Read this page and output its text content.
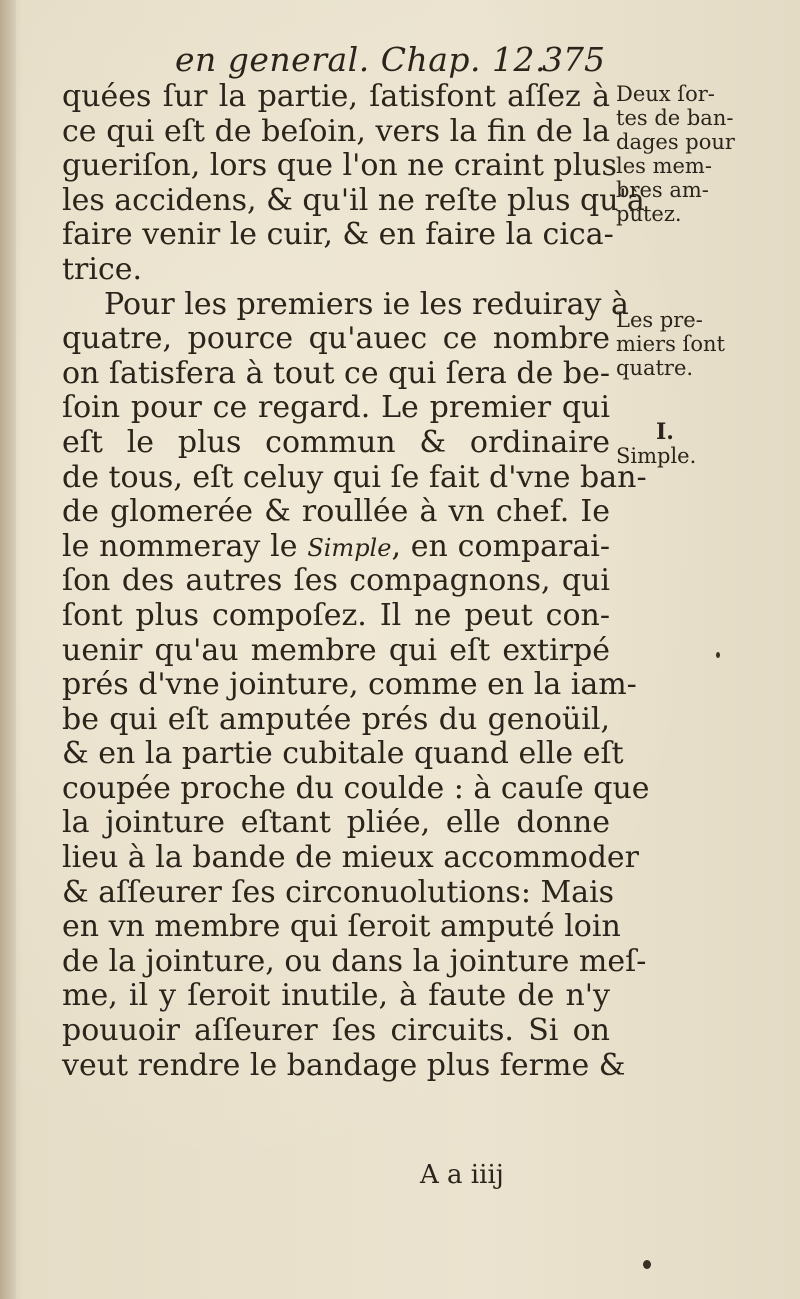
en general. Chap. 12.
375
quées ſur la partie, ſatisfont aſſez à
ce qui eſt de beſoin, vers la fin de la
gueriſon, lors que l'on ne craint plus
les accidens, & qu'il ne reſte plus qu'à
faire venir le cuir, & en faire la cica-
trice.
Pour les premiers ie les reduiray à
quatre, pource qu'auec ce nombre
on ſatisfera à tout ce qui ſera de be-
ſoin pour ce regard. Le premier qui
eſt le plus commun & ordinaire
de tous, eſt celuy qui ſe fait d'vne ban-
de glomerée & roullée à vn chef. Ie
le nommeray le Simple, en comparai-
ſon des autres ſes compagnons, qui
ſont plus compoſez. Il ne peut con-
uenir qu'au membre qui eſt extirpé
prés d'vne jointure, comme en la iam-
be qui eſt amputée prés du genoüil,
& en la partie cubitale quand elle eſt
coupée proche du coulde : à cauſe que
la jointure eſtant pliée, elle donne
lieu à la bande de mieux accommoder
& aſſeurer ſes circonuolutions: Mais
en vn membre qui ſeroit amputé loin
de la jointure, ou dans la jointure meſ-
me, il y ſeroit inutile, à faute de n'y
pouuoir aſſeurer ſes circuits. Si on
veut rendre le bandage plus ferme &
Deux ſor-
tes de ban-
dages pour
les mem-
bres am-
putez.
Les pre-
miers ſont
quatre.
I.
Simple.
A a iiij
